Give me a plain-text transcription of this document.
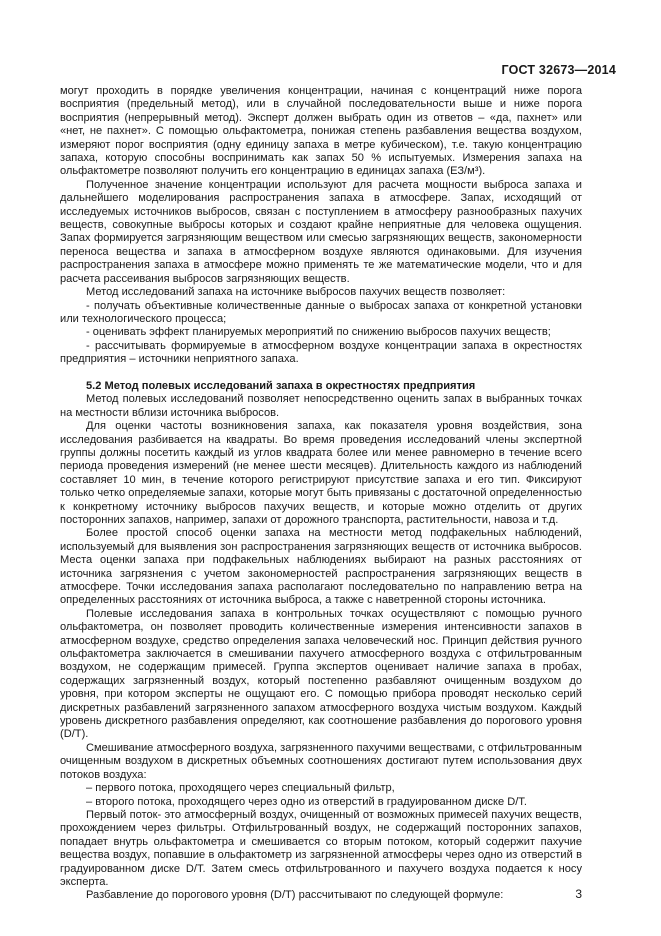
ГОСТ 32673—2014

могут проходить в порядке увеличения концентрации, начиная с концентраций ниже порога восприятия (предельный метод), или в случайной последовательности выше и ниже порога восприятия (непрерывный метод). Эксперт должен выбрать один из ответов – «да, пахнет» или «нет, не пахнет». С помощью ольфактометра, понижая степень разбавления вещества воздухом, измеряют порог восприятия (одну единицу запаха в метре кубическом), т.е. такую концентрацию запаха, которую способны воспринимать как запах 50 % испытуемых. Измерения запаха на ольфактометре позволяют получить его концентрацию в единицах запаха (ЕЗ/м³).

Полученное значение концентрации используют для расчета мощности выброса запаха и дальнейшего моделирования распространения запаха в атмосфере. Запах, исходящий от исследуемых источников выбросов, связан с поступлением в атмосферу разнообразных пахучих веществ, совокупные выбросы которых и создают крайне неприятные для человека ощущения. Запах формируется загрязняющим веществом или смесью загрязняющих веществ, закономерности переноса вещества и запаха в атмосферном воздухе являются одинаковыми. Для изучения распространения запаха в атмосфере можно применять те же математические модели, что и для расчета рассеивания выбросов загрязняющих веществ.

Метод исследований запаха на источнике выбросов пахучих веществ позволяет:

- получать объективные количественные данные о выбросах запаха от конкретной установки или технологического процесса;

- оценивать эффект планируемых мероприятий по снижению выбросов пахучих веществ;

- рассчитывать формируемые в атмосферном воздухе концентрации запаха в окрестностях предприятия – источники неприятного запаха.

5.2 Метод полевых исследований запаха в окрестностях предприятия

Метод полевых исследований позволяет непосредственно оценить запах в выбранных точках на местности вблизи источника выбросов.

Для оценки частоты возникновения запаха, как показателя уровня воздействия, зона исследования разбивается на квадраты. Во время проведения исследований члены экспертной группы должны посетить каждый из углов квадрата более или менее равномерно в течение всего периода проведения измерений (не менее шести месяцев). Длительность каждого из наблюдений составляет 10 мин, в течение которого регистрируют присутствие запаха и его тип. Фиксируют только четко определяемые запахи, которые могут быть привязаны с достаточной определенностью к конкретному источнику выбросов пахучих веществ, и которые можно отделить от других посторонних запахов, например, запахи от дорожного транспорта, растительности, навоза и т.д.

Более простой способ оценки запаха на местности метод подфакельных наблюдений, используемый для выявления зон распространения загрязняющих веществ от источника выбросов. Места оценки запаха при подфакельных наблюдениях выбирают на разных расстояниях от источника загрязнения с учетом закономерностей распространения загрязняющих веществ в атмосфере. Точки исследования запаха располагают последовательно по направлению ветра на определенных расстояниях от источника выброса, а также с наветренной стороны источника.

Полевые исследования запаха в контрольных точках осуществляют с помощью ручного ольфактометра, он позволяет проводить количественные измерения интенсивности запахов в атмосферном воздухе, средство определения запаха человеческий нос. Принцип действия ручного ольфактометра заключается в смешивании пахучего атмосферного воздуха с отфильтрованным воздухом, не содержащим примесей. Группа экспертов оценивает наличие запаха в пробах, содержащих загрязненный воздух, который постепенно разбавляют очищенным воздухом до уровня, при котором эксперты не ощущают его. С помощью прибора проводят несколько серий дискретных разбавлений загрязненного запахом атмосферного воздуха чистым воздухом. Каждый уровень дискретного разбавления определяют, как соотношение разбавления до порогового уровня (D/T).

Смешивание атмосферного воздуха, загрязненного пахучими веществами, с отфильтрованным очищенным воздухом в дискретных объемных соотношениях достигают путем использования двух потоков воздуха:

– первого потока, проходящего через специальный фильтр,

– второго потока, проходящего через одно из отверстий в градуированном диске D/T.

Первый поток- это атмосферный воздух, очищенный от возможных примесей пахучих веществ, прохождением через фильтры. Отфильтрованный воздух, не содержащий посторонних запахов, попадает внутрь ольфактометра и смешивается со вторым потоком, который содержит пахучие вещества воздух, попавшие в ольфактометр из загрязненной атмосферы через одно из отверстий в градуированном диске D/T. Затем смесь отфильтрованного и пахучего воздуха подается к носу эксперта.

Разбавление до порогового уровня (D/T) рассчитывают по следующей формуле:	3
